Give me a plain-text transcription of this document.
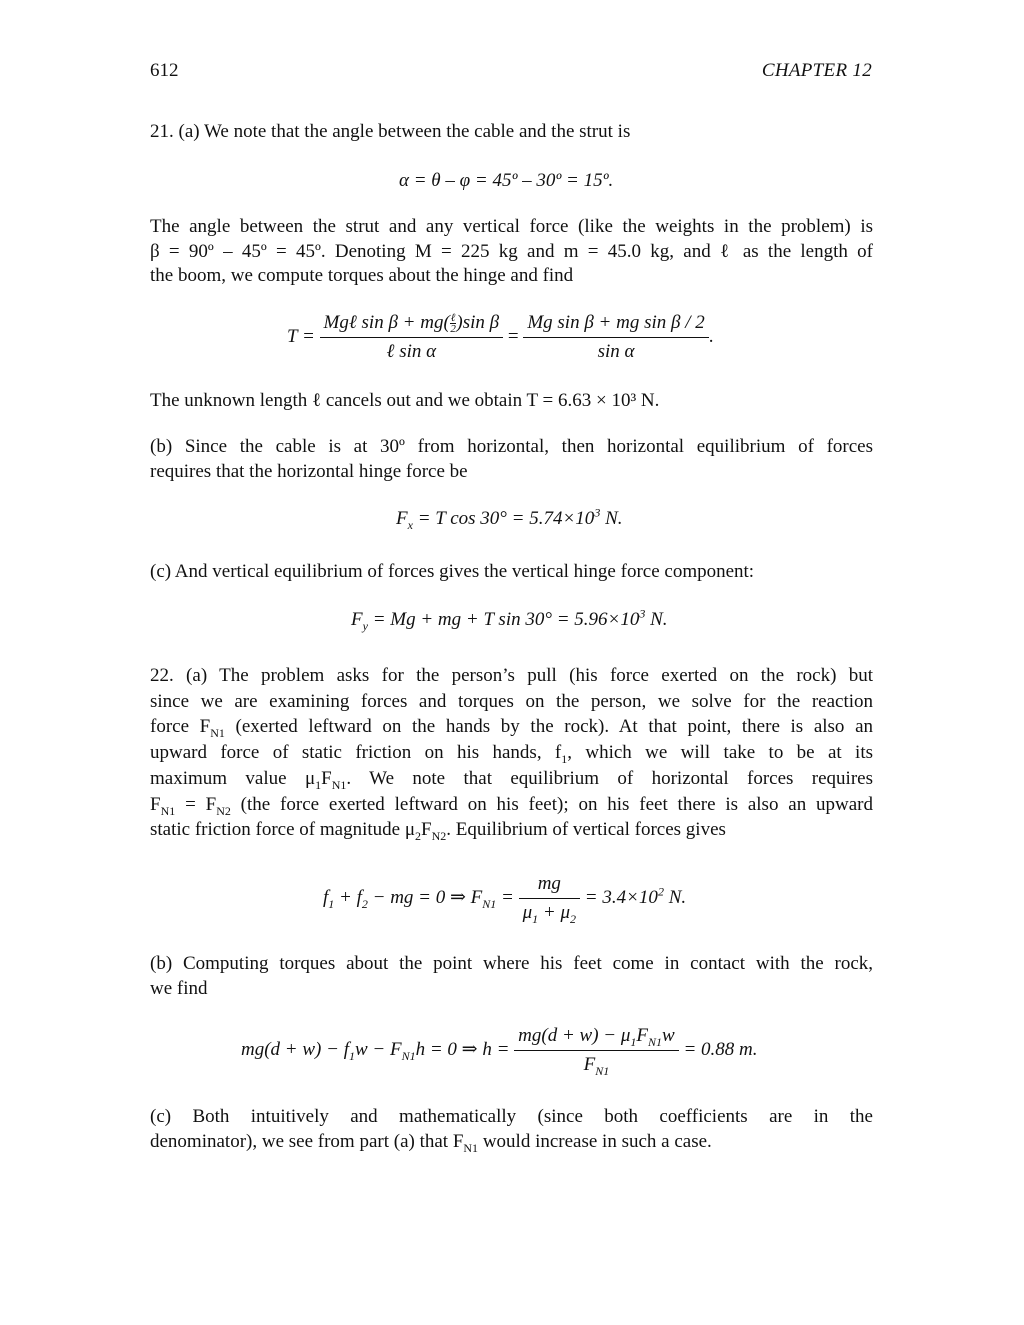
612	CHAPTER 12
21. (a) We note that the angle between the cable and the strut is
α = θ – φ = 45º – 30º = 15º.
The angle between the strut and any vertical force (like the weights in the problem) is
β = 90º – 45º = 45º. Denoting M = 225 kg and m = 45.0 kg, and ℓ as the length of
the boom, we compute torques about the hinge and find
T = Mgℓ sin β + mg( ℓ
2 )sin β
ℓ $\sin \alpha = \frac{\text{Mg sin β + mg sin β / 2}}{\text{sin α}}$ .
The unknown length ℓ cancels out and we obtain T = 6.63 × 10³ N.
(b) Since the cable is at 30º from horizontal, then horizontal equilibrium of forces
requires that the horizontal hinge force be
$F_x = T$ $\cos 30^\circ = 5.74\times 10^3$ N.
(c) And vertical equilibrium of forces gives the vertical hinge force component:
$F_y = Mg$ + mg + T $\sin 30^\circ = 5.96\times 10^3$ N.
22. (a) The problem asks for the person’s pull (his force exerted on the rock) but
since we are examining forces and torques on the person, we solve for the reaction
force $F_{N1}$ (exerted leftward on the hands by the rock). At that point, there is also an
upward force of static friction on his hands, $f_1$, which we will take to be at its
maximum value $\mu_1F_{N1}$. We note that equilibrium of horizontal forces requires
$F_{N1} = F_{N2}$ (the force exerted leftward on his feet); on his feet there is also an upward
static friction force of magnitude $\mu_2F_{N2}$. Equilibrium of vertical forces gives
$f_1 + f_2$ − mg = 0 ⇒ $F_{N1} = \frac{mg}{\mu_1 + \mu_2} = 3.4\times 10^2$ N.
(b) Computing torques about the point where his feet come in contact with the rock,
we find
$mg(d + w) - f_1w - F_{N1}h = 0$ ⇒ $h = \frac{mg(d + w) - \mu_1F_{N1}w}{F_{N1}} = 0.88$ m.
(c) Both intuitively and mathematically (since both coefficients are in the
denominator), we see from part (a) that $F_{N1}$ would increase in such a case.
